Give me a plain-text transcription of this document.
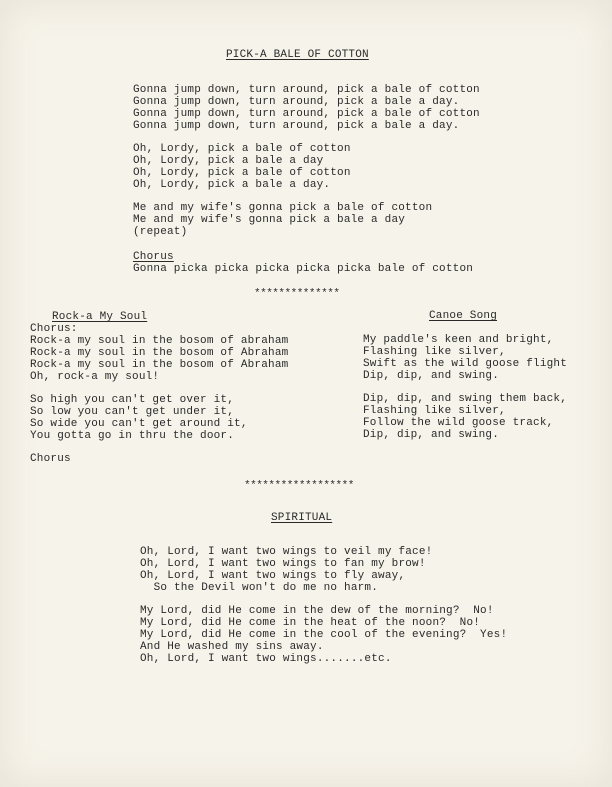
PICK-A BALE OF COTTON
Gonna jump down, turn around, pick a bale of cotton
Gonna jump down, turn around, pick a bale a day.
Gonna jump down, turn around, pick a bale of cotton
Gonna jump down, turn around, pick a bale a day.
Oh, Lordy, pick a bale of cotton
Oh, Lordy, pick a bale a day
Oh, Lordy, pick a bale of cotton
Oh, Lordy, pick a bale a day.
Me and my wife's gonna pick a bale of cotton
Me and my wife's gonna pick a bale a day
(repeat)
Chorus
Gonna picka picka picka picka picka bale of cotton
**************
Rock-a My Soul
Chorus:
Rock-a my soul in the bosom of abraham
Rock-a my soul in the bosom of Abraham
Rock-a my soul in the bosom of Abraham
Oh, rock-a my soul!
So high you can't get over it,
So low you can't get under it,
So wide you can't get around it,
You gotta go in thru the door.
Chorus
Canoe Song
My paddle's keen and bright,
Flashing like silver,
Swift as the wild goose flight
Dip, dip, and swing.
Dip, dip, and swing them back,
Flashing like silver,
Follow the wild goose track,
Dip, dip, and swing.
******************
SPIRITUAL
Oh, Lord, I want two wings to veil my face!
Oh, Lord, I want two wings to fan my brow!
Oh, Lord, I want two wings to fly away,
So the Devil won't do me no harm.
My Lord, did He come in the dew of the morning?  No!
My Lord, did He come in the heat of the noon?  No!
My Lord, did He come in the cool of the evening?  Yes!
And He washed my sins away.
Oh, Lord, I want two wings.......etc.
